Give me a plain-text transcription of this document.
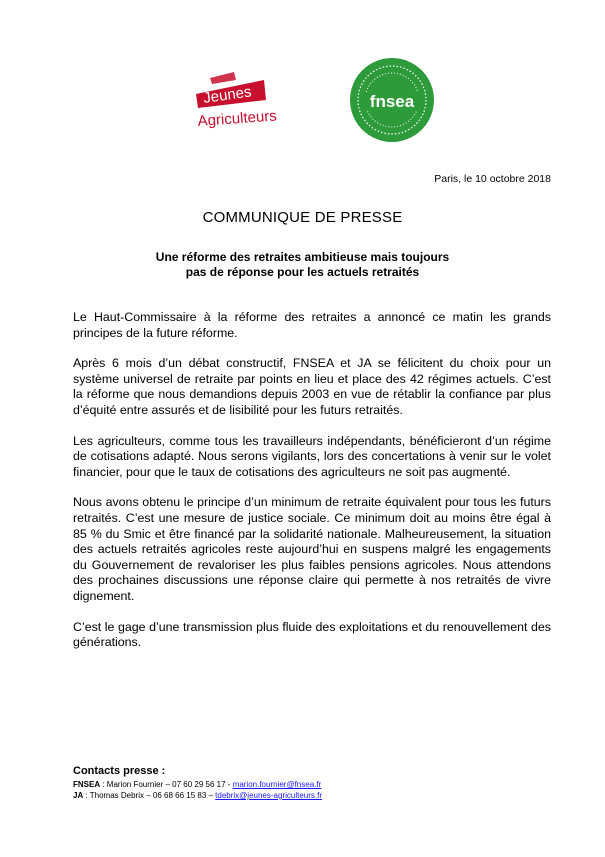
Jeunes
Agriculteurs
fnsea
Paris, le 10 octobre 2018
COMMUNIQUE DE PRESSE
Une réforme des retraites ambitieuse mais toujours
pas de réponse pour les actuels retraités

Le Haut-Commissaire à la réforme des retraites a annoncé ce matin les grands principes de la future réforme.

Après 6 mois d’un débat constructif, FNSEA et JA se félicitent du choix pour un système universel de retraite par points en lieu et place des 42 régimes actuels. C’est la réforme que nous demandions depuis 2003 en vue de rétablir la confiance par plus d’équité entre assurés et de lisibilité pour les futurs retraités.

Les agriculteurs, comme tous les travailleurs indépendants, bénéficieront d’un régime de cotisations adapté. Nous serons vigilants, lors des concertations à venir sur le volet financier, pour que le taux de cotisations des agriculteurs ne soit pas augmenté.

Nous avons obtenu le principe d’un minimum de retraite équivalent pour tous les futurs retraités. C’est une mesure de justice sociale. Ce minimum doit au moins être égal à 85 % du Smic et être financé par la solidarité nationale. Malheureusement, la situation des actuels retraités agricoles reste aujourd’hui en suspens malgré les engagements du Gouvernement de revaloriser les plus faibles pensions agricoles. Nous attendons des prochaines discussions une réponse claire qui permette à nos retraités de vivre dignement.

C’est le gage d’une transmission plus fluide des exploitations et du renouvellement des générations.

Contacts presse :
FNSEA : Marion Fournier – 07 60 29 56 17 - marion.fournier@fnsea.fr
JA : Thomas Debrix – 06 68 66 15 83 – tdebrix@jeunes-agriculteurs.fr
